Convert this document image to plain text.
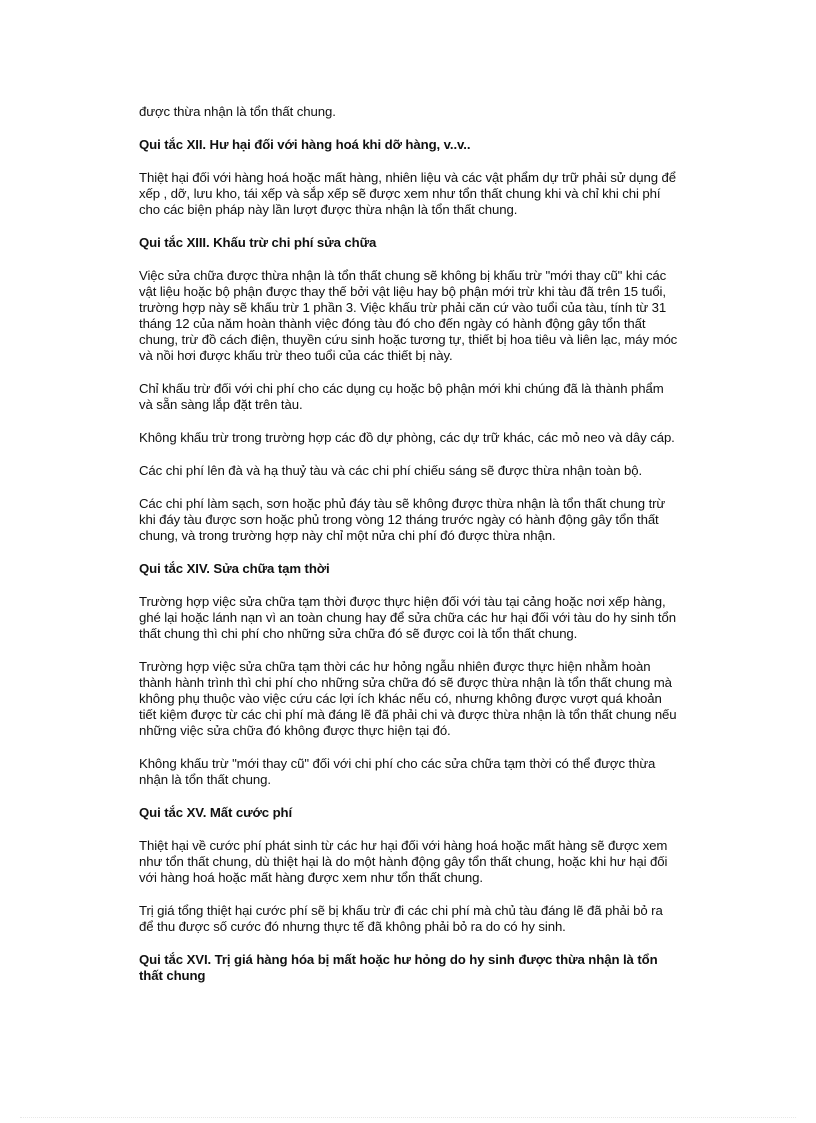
được thừa nhận là tổn thất chung.

Qui tắc XII. Hư hại đối với hàng hoá khi dỡ hàng, v..v..

Thiệt hại đối với hàng hoá hoặc mất hàng, nhiên liệu và các vật phẩm dự trữ phải sử dụng để xếp , dỡ, lưu kho, tái xếp và sắp xếp sẽ được xem như tổn thất chung khi và chỉ khi chi phí cho các biện pháp này lần lượt được thừa nhận là tổn thất chung.

Qui tắc XIII. Khấu trừ chi phí sửa chữa

Việc sửa chữa được thừa nhận là tổn thất chung sẽ không bị khấu trừ "mới thay cũ" khi các vật liệu hoặc bộ phận được thay thế bởi vật liệu hay bộ phận mới trừ khi tàu đã trên 15 tuổi, trường hợp này sẽ khấu trừ 1 phần 3. Việc khấu trừ phải căn cứ vào tuổi của tàu, tính từ 31 tháng 12 của năm hoàn thành việc đóng tàu đó cho đến ngày có hành động gây tổn thất chung, trừ đồ cách điện, thuyền cứu sinh hoặc tương tự, thiết bị hoa tiêu và liên lạc, máy móc và nồi hơi được khấu trừ theo tuổi của các thiết bị này.

Chỉ khấu trừ đối với chi phí cho các dụng cụ hoặc bộ phận mới khi chúng đã là thành phẩm và sẵn sàng lắp đặt trên tàu.

Không khấu trừ trong trường hợp các đồ dự phòng, các dự trữ khác, các mỏ neo và dây cáp.

Các chi phí lên đà và hạ thuỷ tàu và các chi phí chiếu sáng sẽ được thừa nhận toàn bộ.

Các chi phí làm sạch, sơn hoặc phủ đáy tàu sẽ không được thừa nhận là tổn thất chung trừ khi đáy tàu được sơn hoặc phủ trong vòng 12 tháng trước ngày có hành động gây tổn thất chung, và trong trường hợp này chỉ một nửa chi phí đó được thừa nhận.

Qui tắc XIV. Sửa chữa tạm thời

Trường hợp việc sửa chữa tạm thời được thực hiện đối với tàu tại cảng hoặc nơi xếp hàng, ghé lại hoặc lánh nạn vì an toàn chung hay để sửa chữa các hư hại đối với tàu do hy sinh tổn thất chung thì chi phí cho những sửa chữa đó sẽ được coi là tổn thất chung.

Trường hợp việc sửa chữa tạm thời các hư hỏng ngẫu nhiên được thực hiện nhằm hoàn thành hành trình thì chi phí cho những sửa chữa đó sẽ được thừa nhận là tổn thất chung mà không phụ thuộc vào việc cứu các lợi ích khác nếu có, nhưng không được vượt quá khoản tiết kiệm được từ các chi phí mà đáng lẽ đã phải chi và được thừa nhận là tổn thất chung nếu những việc sửa chữa đó không được thực hiện tại đó.

Không khấu trừ "mới thay cũ" đối với chi phí cho các sửa chữa tạm thời có thể được thừa nhận là tổn thất chung.

Qui tắc XV. Mất cước phí

Thiệt hại về cước phí phát sinh từ các hư hại đối với hàng hoá hoặc mất hàng sẽ được xem như tổn thất chung, dù thiệt hại là do một hành động gây tổn thất chung, hoặc khi hư hại đối với hàng hoá hoặc mất hàng được xem như tổn thất chung.

Trị giá tổng thiệt hại cước phí sẽ bị khấu trừ đi các chi phí mà chủ tàu đáng lẽ đã phải bỏ ra để thu được số cước đó nhưng thực tế đã không phải bỏ ra do có hy sinh.

Qui tắc XVI. Trị giá hàng hóa bị mất hoặc hư hỏng do hy sinh được thừa nhận là tổn thất chung
